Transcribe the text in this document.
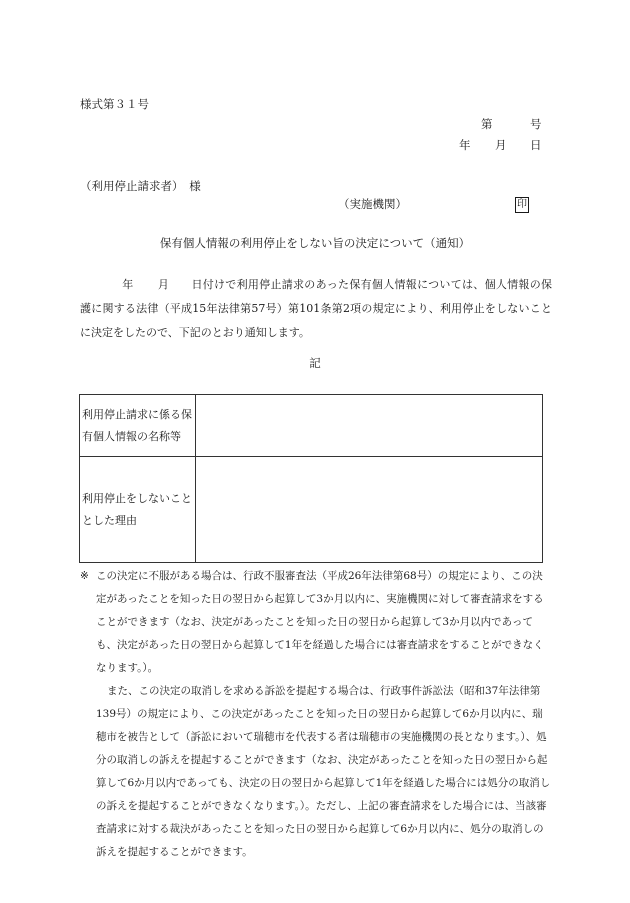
様式第３１号
第	号
年 月 日
（利用停止請求者）　様
（実施機関）	印
保有個人情報の利用停止をしない旨の決定について（通知）
年 月 日付けで利用停止請求のあった保有個人情報については、個人情報の保護に関する法律（平成15年法律第57号）第101条第2項の規定により、利用停止をしないことに決定をしたので、下記のとおり通知します。
記
利用停止請求に係る保有個人情報の名称等	
利用停止をしないこととした理由	
※ この決定に不服がある場合は、行政不服審査法（平成26年法律第68号）の規定により、この決定があったことを知った日の翌日から起算して3か月以内に、実施機関に対して審査請求をすることができます（なお、決定があったことを知った日の翌日から起算して3か月以内であっても、決定があった日の翌日から起算して1年を経過した場合には審査請求をすることができなくなります。）。

また、この決定の取消しを求める訴訟を提起する場合は、行政事件訴訟法（昭和37年法律第139号）の規定により、この決定があったことを知った日の翌日から起算して6か月以内に、瑞穂市を被告として（訴訟において瑞穂市を代表する者は瑞穂市の実施機関の長となります。）、処分の取消しの訴えを提起することができます（なお、決定があったことを知った日の翌日から起算して6か月以内であっても、決定の日の翌日から起算して1年を経過した場合には処分の取消しの訴えを提起することができなくなります。）。ただし、上記の審査請求をした場合には、当該審査請求に対する裁決があったことを知った日の翌日から起算して6か月以内に、処分の取消しの訴えを提起することができます。
